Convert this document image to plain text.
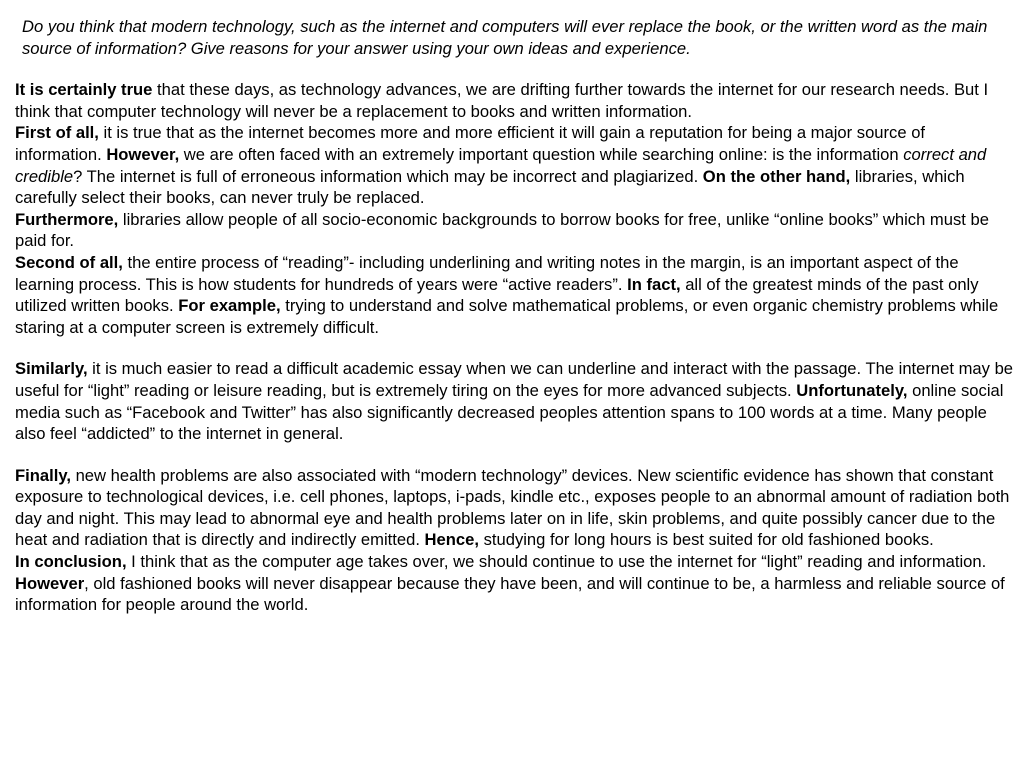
Do you think that modern technology, such as the internet and computers will ever replace the book, or the written word as the main source of information? Give reasons for your answer using your own ideas and experience.

It is certainly true that these days, as technology advances, we are drifting further towards the internet for our research needs. But I think that computer technology will never be a replacement to books and written information.

First of all, it is true that as the internet becomes more and more efficient it will gain a reputation for being a major source of information. However, we are often faced with an extremely important question while searching online: is the information correct and credible? The internet is full of erroneous information which may be incorrect and plagiarized. On the other hand, libraries, which carefully select their books, can never truly be replaced.

Furthermore, libraries allow people of all socio-economic backgrounds to borrow books for free, unlike “online books” which must be paid for.

Second of all, the entire process of “reading”- including underlining and writing notes in the margin, is an important aspect of the learning process. This is how students for hundreds of years were “active readers”. In fact, all of the greatest minds of the past only utilized written books. For example, trying to understand and solve mathematical problems, or even organic chemistry problems while staring at a computer screen is extremely difficult.

Similarly, it is much easier to read a difficult academic essay when we can underline and interact with the passage. The internet may be useful for “light” reading or leisure reading, but is extremely tiring on the eyes for more advanced subjects. Unfortunately, online social media such as “Facebook and Twitter” has also significantly decreased peoples attention spans to 100 words at a time. Many people also feel “addicted” to the internet in general.

Finally, new health problems are also associated with “modern technology” devices. New scientific evidence has shown that constant exposure to technological devices, i.e. cell phones, laptops, i-pads, kindle etc., exposes people to an abnormal amount of radiation both day and night. This may lead to abnormal eye and health problems later on in life, skin problems, and quite possibly cancer due to the heat and radiation that is directly and indirectly emitted. Hence, studying for long hours is best suited for old fashioned books.

In conclusion, I think that as the computer age takes over, we should continue to use the internet for “light” reading and information. However, old fashioned books will never disappear because they have been, and will continue to be, a harmless and reliable source of information for people around the world.
